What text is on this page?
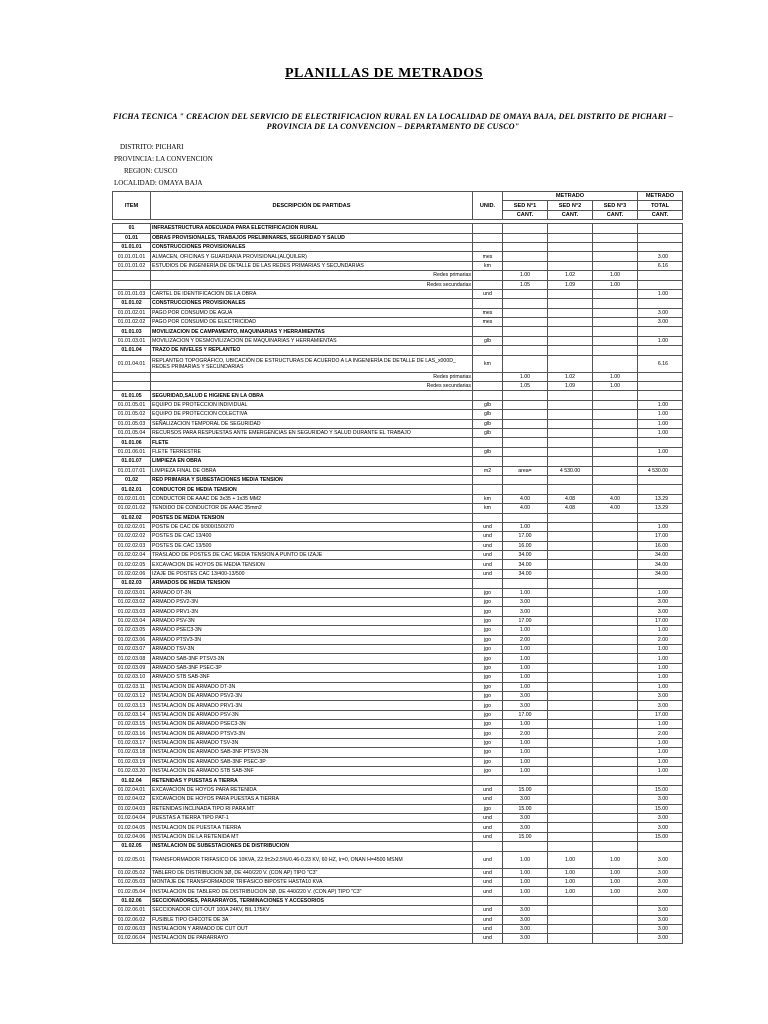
PLANILLAS DE METRADOS
FICHA TECNICA " CREACION DEL SERVICIO DE ELECTRIFICACION RURAL EN LA LOCALIDAD DE OMAYA BAJA, DEL DISTRITO DE PICHARI – PROVINCIA DE LA CONVENCION – DEPARTAMENTO DE CUSCO"
DISTRITO: PICHARI
PROVINCIA: LA CONVENCION
REGION: CUSCO
LOCALIDAD: OMAYA BAJA
ITEM	DESCRIPCIÓN DE PARTIDAS	UNID.	METRADO			METRADO
			SED N°1	SED N°2	SED N°3	TOTAL
			CANT.	CANT.	CANT.	CANT.

01	INFRAESTRUCTURA ADECUADA PARA ELECTRIFICACION RURAL					
01.01	OBRAS PROVISIONALES, TRABAJOS PRELIMINARES, SEGURIDAD Y SALUD					
01.01.01	CONSTRUCCIONES PROVISIONALES					
01.01.01.01	ALMACEN, OFICINAS Y GUARDANIA PROVISIONAL(ALQUILER)	mes				3.00
01.01.01.02	ESTUDIOS DE INGENIERÍA DE DETALLE DE LAS REDES PRIMARIAS Y SECUNDARIAS	km				6.16
	Redes primarias		1.00	1.02	1.00	
	Redes secundarias		1.05	1.09	1.00	
01.01.01.03	CARTEL DE IDENTIFICACION DE LA OBRA	und				1.00
01.01.02	CONSTRUCCIONES PROVISIONALES					
01.01.02.01	PAGO POR CONSUMO DE AGUA	mes				3.00
01.01.02.02	PAGO POR CONSUMO DE ELECTRICIDAD	mes				3.00
01.01.03	MOVILIZACION DE CAMPAMENTO, MAQUINARIAS Y HERRAMIENTAS					
01.01.03.01	MOVILIZACION Y DESMOVILIZACION DE MAQUINARIAS Y HERRAMIENTAS	glb				1.00
01.01.04	TRAZO DE NIVELES Y REPLANTEO					
01.01.04.01	REPLANTEO TOPOGRÁFICO, UBICACIÓN DE ESTRUCTURAS DE ACUERDO A LA INGENIERÍA DE DETALLE DE LAS_x000D_ REDES PRIMARIAS Y SECUNDARIAS	km				6.16
	Redes primarias		1.00	1.02	1.00	
	Redes secundarias		1.05	1.09	1.00	
01.01.05	SEGURIDAD,SALUD E HIGIENE EN LA OBRA					
01.01.05.01	EQUIPO DE PROTECCION INDIVIDUAL	glb				1.00
01.01.05.02	EQUIPO DE PROTECCION COLECTIVA	glb				1.00
01.01.05.03	SEÑALIZACION TEMPORAL DE SEGURIDAD	glb				1.00
01.01.05.04	RECURSOS PARA RESPUESTAS ANTE EMERGENCIAS EN SEGURIDAD Y SALUD DURANTE EL TRABAJO	glb				1.00
01.01.06	FLETE					
01.01.06.01	FLETE TERRESTRE	glb				1.00
01.01.07	LIMPIEZA EN OBRA					
01.01.07.01	LIMPIEZA FINAL DE OBRA	m2	area=	4 530.00		4 530.00
01.02	RED PRIMARIA Y SUBESTACIONES MEDIA TENSION					
01.02.01	CONDUCTOR DE MEDIA TENSION					
01.02.01.01	CONDUCTOR DE AAAC DE 3x35 + 1x35 MM2	km	4.00	4.08	4.00	13.29
01.02.01.02	TENDIDO DE CONDUCTOR DE AAAC 35mm2	km	4.00	4.08	4.00	13.29
01.02.02	POSTES DE MEDIA TENSION					
01.02.02.01	POSTE DE CAC DE 9/300/150/270	und	1.00			1.00
01.02.02.02	POSTES DE CAC 13/400	und	17.00			17.00
01.02.02.03	POSTES DE CAC 13/500	und	16.00			16.00
01.02.02.04	TRASLADO DE POSTES DE CAC MEDIA TENSION A PUNTO DE IZAJE	und	34.00			34.00
01.02.02.05	EXCAVACION DE HOYOS DE MEDIA TENSION	und	34.00			34.00
01.02.02.06	IZAJE DE POSTES CAC 13/400-13/500	und	34.00			34.00
01.02.03	ARMADOS DE MEDIA TENSION					
01.02.03.01	ARMADO DT-3N	jgo	1.00			1.00
01.02.03.02	ARMADO PSV2-3N	jgo	3.00			3.00
01.02.03.03	ARMADO PRV1-3N	jgo	3.00			3.00
01.02.03.04	ARMADO PSV-3N	jgo	17.00			17.00
01.02.03.05	ARMADO PSEC3-3N	jgo	1.00			1.00
01.02.03.06	ARMADO PTSV3-3N	jgo	2.00			2.00
01.02.03.07	ARMADO TSV-3N	jgo	1.00			1.00
01.02.03.08	ARMADO SAB-3NF PTSV3-3N	jgo	1.00			1.00
01.02.03.09	ARMADO SAB-3NF PSEC-3P	jgo	1.00			1.00
01.02.03.10	ARMADO STB SAB-3NF	jgo	1.00			1.00
01.02.03.11	INSTALACION DE ARMADO DT-3N	jgo	1.00			1.00
01.02.03.12	INSTALACION DE ARMADO PSV2-3N	jgo	3.00			3.00
01.02.03.13	INSTALACION DE ARMADO PRV1-3N	jgo	3.00			3.00
01.02.03.14	INSTALACION DE ARMADO PSV-3N	jgo	17.00			17.00
01.02.03.15	INSTALACION DE ARMADO PSEC3-3N	jgo	1.00			1.00
01.02.03.16	INSTALACION DE ARMADO PTSV3-3N	jgo	2.00			2.00
01.02.03.17	INSTALACION DE ARMADO TSV-3N	jgo	1.00			1.00
01.02.03.18	INSTALACION DE ARMADO SAB-3NF PTSV3-3N	jgo	1.00			1.00
01.02.03.19	INSTALACION DE ARMADO SAB-3NF PSEC-3P	jgo	1.00			1.00
01.02.03.20	INSTALACION DE ARMADO STB SAB-3NF	jgo	1.00			1.00
01.02.04	RETENIDAS Y PUESTAS A TIERRA					
01.02.04.01	EXCAVACION DE HOYOS PARA RETENIDA	und	15.00			15.00
01.02.04.02	EXCAVACION DE HOYOS PARA PUESTAS A TIERRA	und	3.00			3.00
01.02.04.03	RETENIDAS INCLINADA TIPO RI PARA MT	jgo	15.00			15.00
01.02.04.04	PUESTAS A TIERRA TIPO PAT-1	und	3.00			3.00
01.02.04.05	INSTALACION DE PUESTA A TIERRA	und	3.00			3.00
01.02.04.06	INSTALACION DE LA RETENIDA MT	und	15.00			15.00
01.02.05	INSTALACION DE SUBESTACIONES DE DISTRIBUCION					
01.02.05.01	TRANSFORMADOR TRIFASICO DE 10KVA, 22.9±2x2.5%/0.46-0.23 KV, 60 HZ, Ir=0, ONAN H=4500 MSNM	und	1.00	1.00	1.00	3.00
01.02.05.02	TABLERO DE DISTRIBUCION 3Ø, DE 440/220 V. (CON AP) TIPO "C3"	und	1.00	1.00	1.00	3.00
01.02.05.03	MONTAJE DE TRANSFORMADOR TRIFASICO BIPOSTE HASTA10 KVA	und	1.00	1.00	1.00	3.00
01.02.05.04	INSTALACION DE TABLERO DE DISTRIBUCION 3Ø, DE 440/220 V. (CON AP) TIPO "C3"	und	1.00	1.00	1.00	3.00
01.02.06	SECCIONADORES, PARARRAYOS, TERMINACIONES Y ACCESORIOS					
01.02.06.01	SECCIONADOR CUT-OUT 100A 24KV, BIL 175KV	und	3.00			3.00
01.02.06.02	FUSIBLE TIPO CHICOTE DE 3A	und	3.00			3.00
01.02.06.03	INSTALACION Y ARMADO DE CUT OUT	und	3.00			3.00
01.02.06.04	INSTALACION DE PARARRAYO	und	3.00			3.00
